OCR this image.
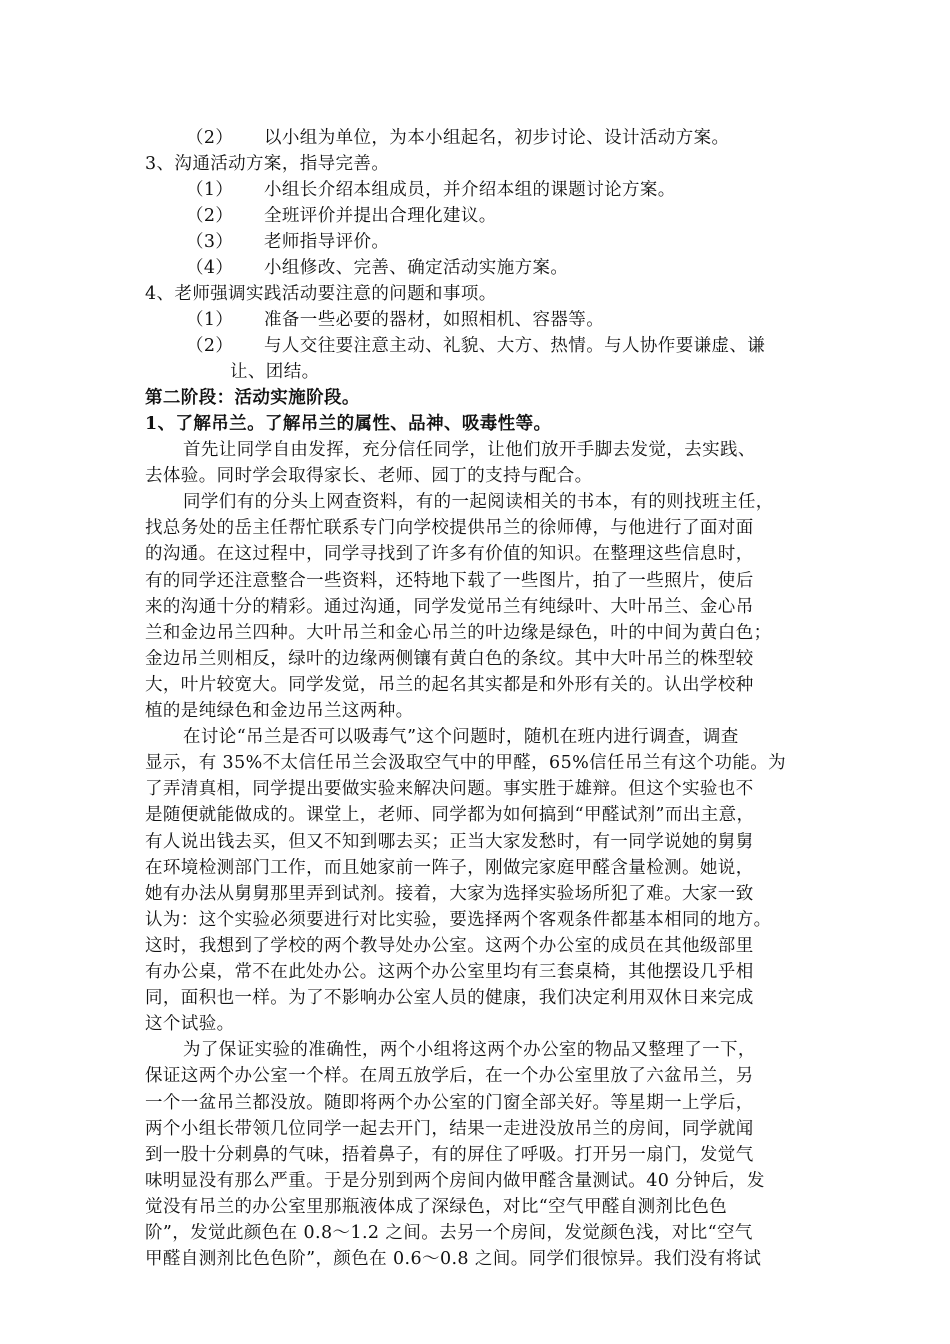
（2） 以小组为单位，为本小组起名，初步讨论、设计活动方案。
3、沟通活动方案，指导完善。
（1） 小组长介绍本组成员，并介绍本组的课题讨论方案。
（2） 全班评价并提出合理化建议。
（3） 老师指导评价。
（4） 小组修改、完善、确定活动实施方案。
4、老师强调实践活动要注意的问题和事项。
（1） 准备一些必要的器材，如照相机、容器等。
（2） 与人交往要注意主动、礼貌、大方、热情。与人协作要谦虚、谦
让、团结。
第二阶段：活动实施阶段。
1、了解吊兰。了解吊兰的属性、品神、吸毒性等。
首先让同学自由发挥，充分信任同学，让他们放开手脚去发觉，去实践、
去体验。同时学会取得家长、老师、园丁的支持与配合。
同学们有的分头上网查资料，有的一起阅读相关的书本，有的则找班主任，
找总务处的岳主任帮忙联系专门向学校提供吊兰的徐师傅，与他进行了面对面
的沟通。在这过程中，同学寻找到了许多有价值的知识。在整理这些信息时，
有的同学还注意整合一些资料，还特地下载了一些图片，拍了一些照片，使后
来的沟通十分的精彩。通过沟通，同学发觉吊兰有纯绿叶、大叶吊兰、金心吊
兰和金边吊兰四种。大叶吊兰和金心吊兰的叶边缘是绿色，叶的中间为黄白色；
金边吊兰则相反，绿叶的边缘两侧镶有黄白色的条纹。其中大叶吊兰的株型较
大，叶片较宽大。同学发觉，吊兰的起名其实都是和外形有关的。认出学校种
植的是纯绿色和金边吊兰这两种。
在讨论“吊兰是否可以吸毒气”这个问题时，随机在班内进行调查，调查
显示，有 35%不太信任吊兰会汲取空气中的甲醛，65%信任吊兰有这个功能。为
了弄清真相，同学提出要做实验来解决问题。事实胜于雄辩。但这个实验也不
是随便就能做成的。课堂上，老师、同学都为如何搞到“甲醛试剂”而出主意，
有人说出钱去买，但又不知到哪去买；正当大家发愁时，有一同学说她的舅舅
在环境检测部门工作，而且她家前一阵子，刚做完家庭甲醛含量检测。她说，
她有办法从舅舅那里弄到试剂。接着，大家为选择实验场所犯了难。大家一致
认为：这个实验必须要进行对比实验，要选择两个客观条件都基本相同的地方。
这时，我想到了学校的两个教导处办公室。这两个办公室的成员在其他级部里
有办公桌，常不在此处办公。这两个办公室里均有三套桌椅，其他摆设几乎相
同，面积也一样。为了不影响办公室人员的健康，我们决定利用双休日来完成
这个试验。
为了保证实验的准确性，两个小组将这两个办公室的物品又整理了一下，
保证这两个办公室一个样。在周五放学后，在一个办公室里放了六盆吊兰，另
一个一盆吊兰都没放。随即将两个办公室的门窗全部关好。等星期一上学后，
两个小组长带领几位同学一起去开门，结果一走进没放吊兰的房间，同学就闻
到一股十分刺鼻的气味，捂着鼻子，有的屏住了呼吸。打开另一扇门，发觉气
味明显没有那么严重。于是分别到两个房间内做甲醛含量测试。40 分钟后，发
觉没有吊兰的办公室里那瓶液体成了深绿色，对比“空气甲醛自测剂比色色
阶”，发觉此颜色在 0.8～1.2 之间。去另一个房间，发觉颜色浅，对比“空气
甲醛自测剂比色色阶”，颜色在 0.6～0.8 之间。同学们很惊异。我们没有将试
